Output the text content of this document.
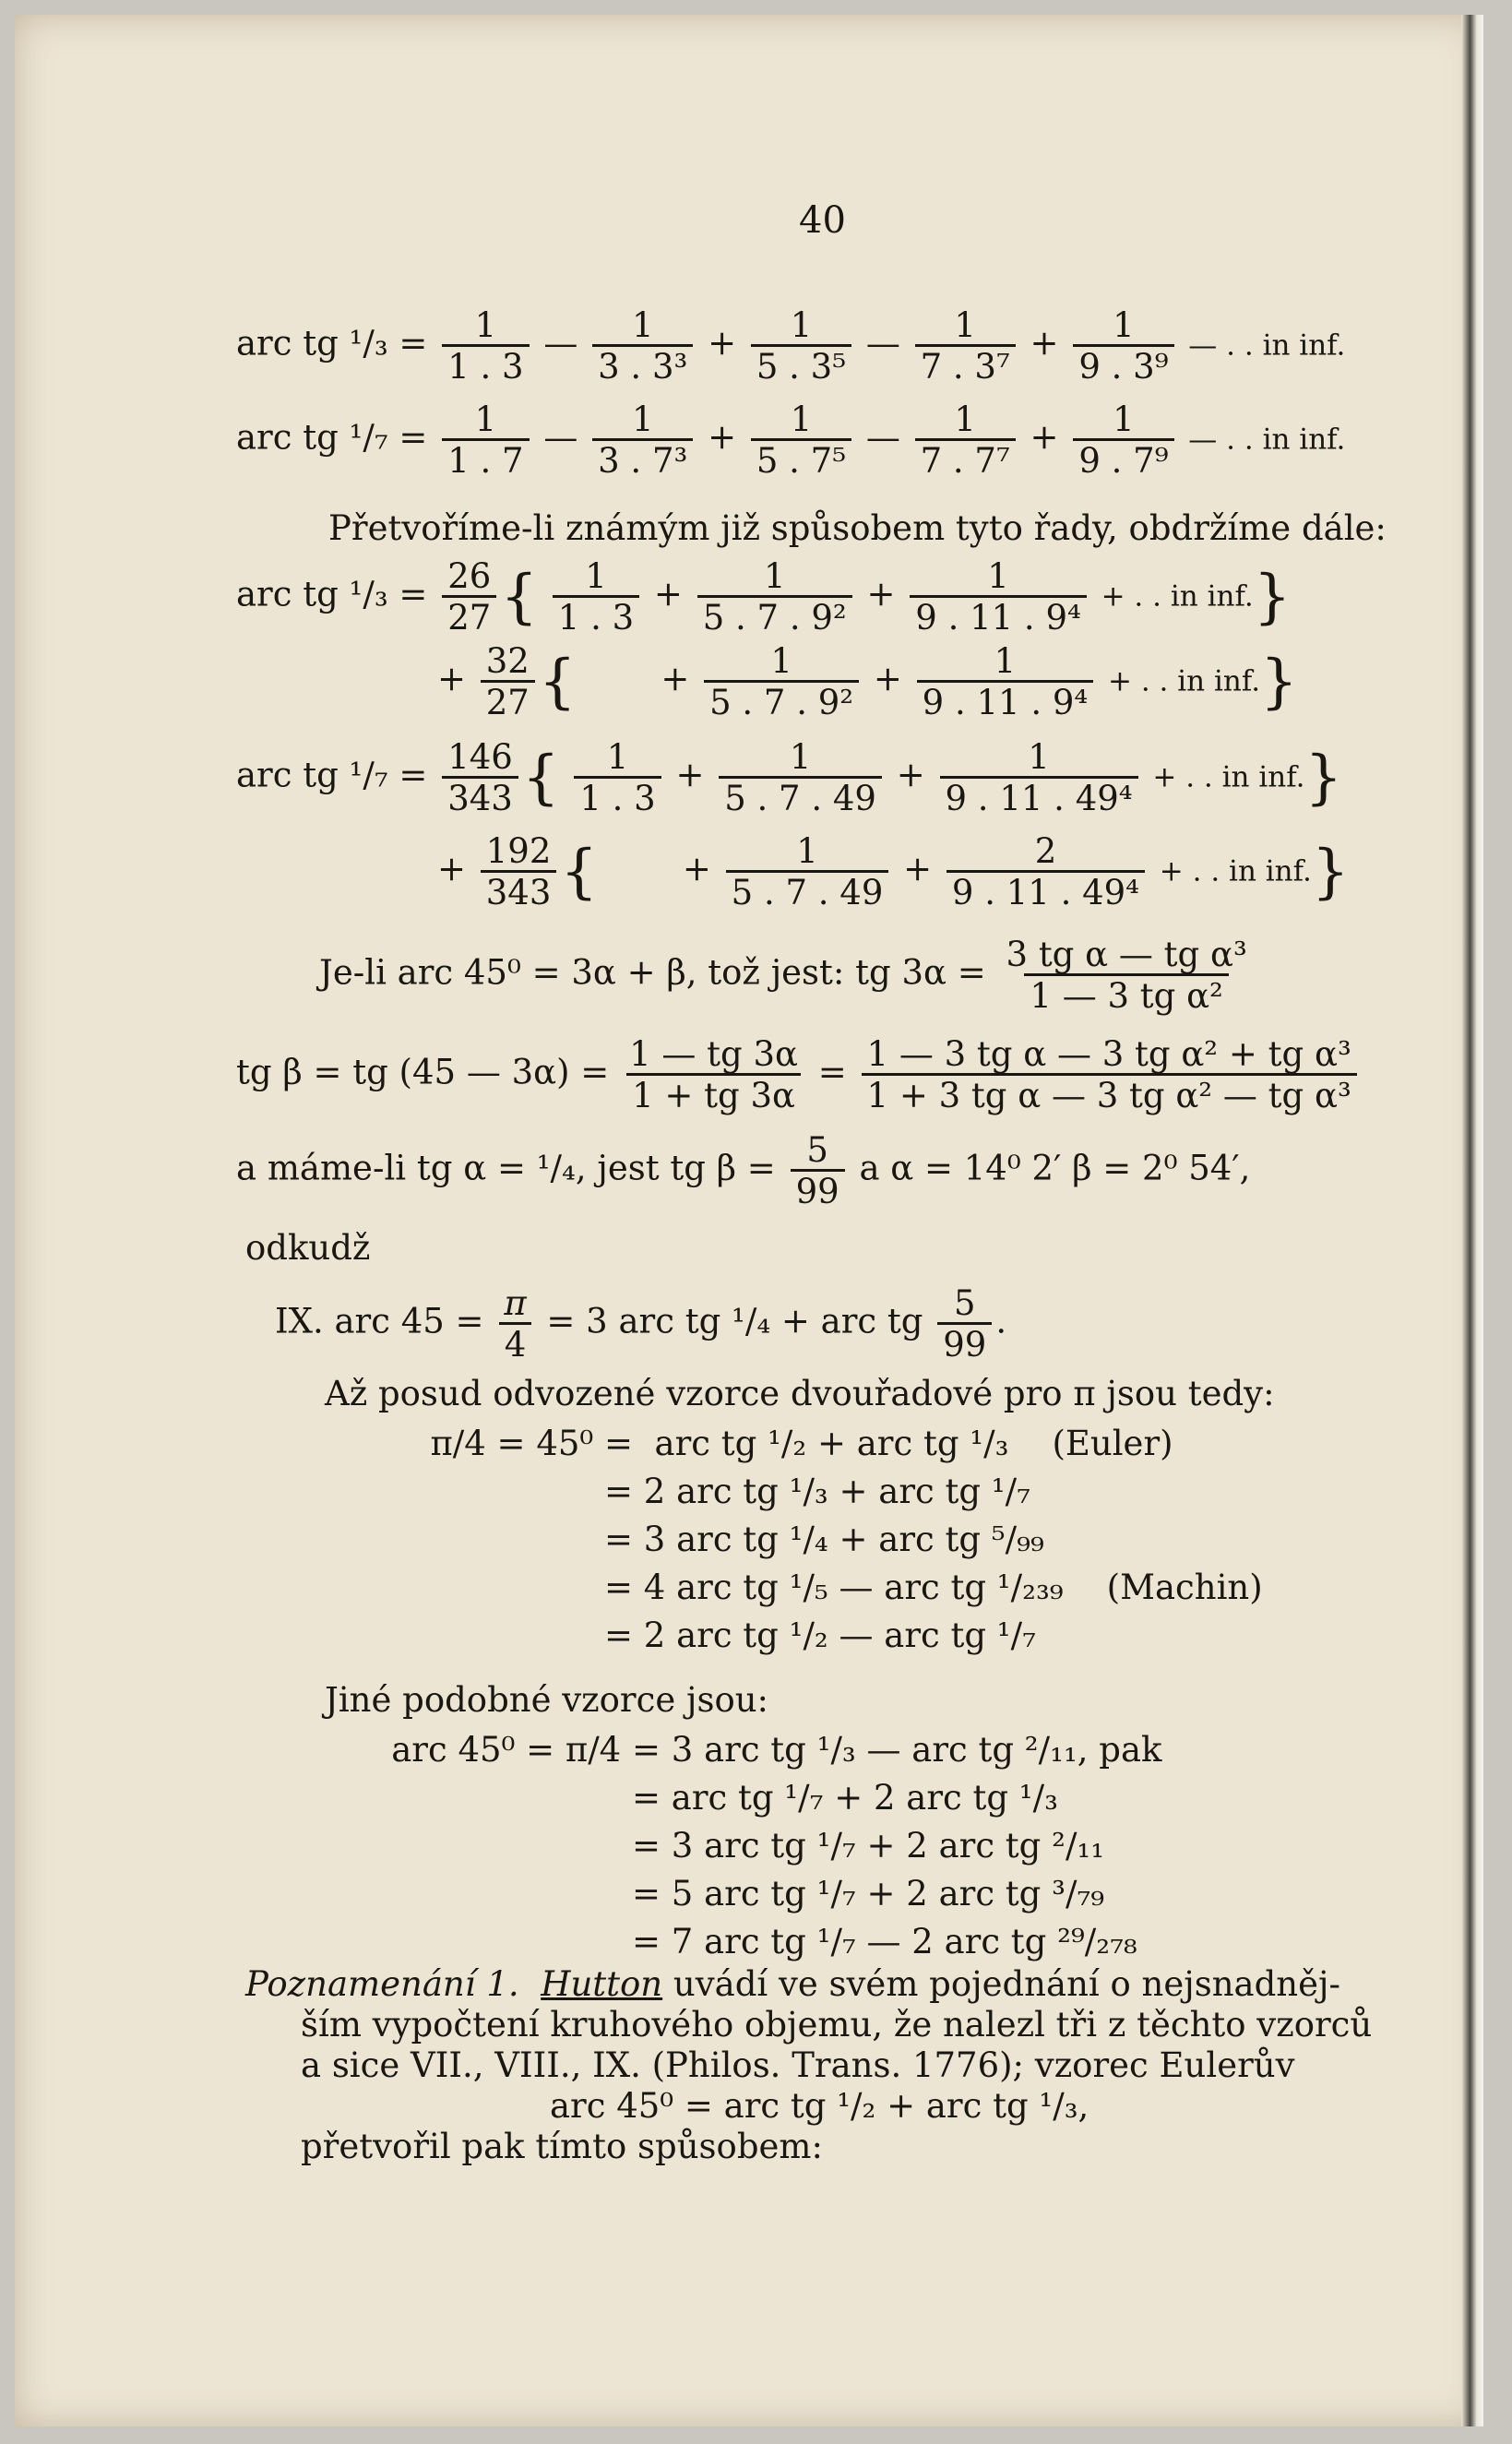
40
arc tg $^1/_3 = \frac{1}{1 . 3}$ — $\frac{1}{\text{3 . 3³}} + \frac{1}{\text{5 . 3⁵}}$ — $\frac{1}{\text{7 . 3⁷}} + \frac{1}{\text{9 . 3⁹}}$ — . . in inf.
arc tg $^1/_7 = \frac{1}{1 . 7}$ — $\frac{1}{\text{3 . 7³}} + \frac{1}{\text{5 . 7⁵}}$ — $\frac{1}{\text{7 . 7⁷}} + \frac{1}{\text{9 . 7⁹}}$ — . . in inf.
Přetvoříme-li známým již spůsobem tyto řady, obdržíme dále:
arc tg $^1/_3 = \frac{26}{27}$ { $\frac{1}{1 . 3} + \frac{1}{\text{5 . 7 . 9²}} + \frac{1}{\text{9 . 11 . 9⁴}}$ + . . in inf.}
+ $\frac{32}{27}$ { + $\frac{1}{\text{5 . 7 . 9²}} + \frac{1}{\text{9 . 11 . 9⁴}}$ + . . in inf.}
arc tg $^1/_7 = \frac{146}{343}$ { $\frac{1}{1 . 3} + \frac{1}{5 . 7 . 49} + \frac{1}{\text{9 . 11 . 49⁴}}$ + . . in inf.}
+ $\frac{192}{343}$ { + $\frac{1}{5 . 7 . 49} + \frac{2}{\text{9 . 11 . 49⁴}}$ + . . in inf.}
Je-li arc 45⁰ = 3α + β, tož jest: tg $3\alpha = \frac{\text{3 tg α — tg α³}}{\text{1 — 3 tg α²}}$
tg β = tg (45 — $3\alpha) = \frac{1 — tg 3\alpha}{1 + tg 3\alpha} = \frac{\text{1 — 3 tg α — 3 tg α² + tg α³}}{\text{1 + 3 tg α — 3 tg α² — tg α³}}$
a máme-li tg α = ¹/₄, jest tg $\beta = \frac{5}{99}$ a α = 14⁰ 2′ β = 2⁰ 54′,
odkudž
IX. arc $45 = \frac{\pi}{4} = 3$ arc tg ¹/₄ + arc tg $\frac{5}{99}$ .
Až posud odvozené vzorce dvouřadové pro π jsou tedy:
π/4 = 45⁰ = arc tg ¹/₂ + arc tg ¹/₃ (Euler)
= 2 arc tg ¹/₃ + arc tg ¹/₇
= 3 arc tg ¹/₄ + arc tg ⁵/₉₉
= 4 arc tg ¹/₅ — arc tg ¹/₂₃₉ (Machin)
= 2 arc tg ¹/₂ — arc tg ¹/₇
Jiné podobné vzorce jsou:
arc 45⁰ = π/4 = 3 arc tg ¹/₃ — arc tg ²/₁₁, pak
= arc tg ¹/₇ + 2 arc tg ¹/₃
= 3 arc tg ¹/₇ + 2 arc tg ²/₁₁
= 5 arc tg ¹/₇ + 2 arc tg ³/₇₉
= 7 arc tg ¹/₇ — 2 arc tg ²⁹/₂₇₈
Poznamenání 1. Hutton uvádí ve svém pojednání o nejsnadněj-
ším vypočtení kruhového objemu, že nalezl tři z těchto vzorců
a sice VII., VIII., IX. (Philos. Trans. 1776); vzorec Eulerův
arc 45⁰ = arc tg ¹/₂ + arc tg ¹/₃,
přetvořil pak tímto spůsobem:
